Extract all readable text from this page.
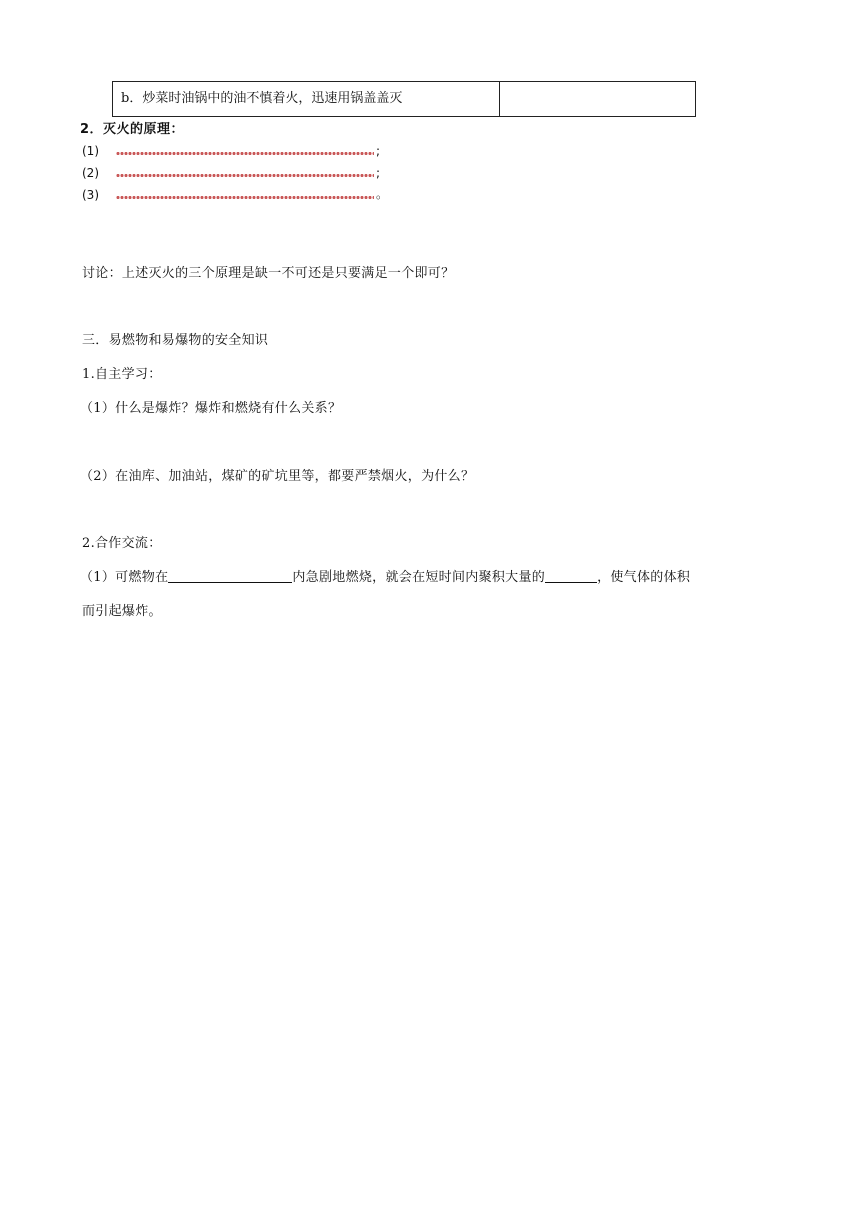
b．炒菜时油锅中的油不慎着火，迅速用锅盖盖灭
2．灭火的原理：
(1)	;
(2)	;
(3)	。
讨论：上述灭火的三个原理是缺一不可还是只要满足一个即可？
三．易燃物和易爆物的安全知识
1.自主学习：
（1）什么是爆炸？爆炸和燃烧有什么关系？
（2）在油库、加油站，煤矿的矿坑里等，都要严禁烟火，为什么？
2.合作交流：
（1）可燃物在	内急剧地燃烧，就会在短时间内聚积大量的	，使气体的体积
而引起爆炸。
